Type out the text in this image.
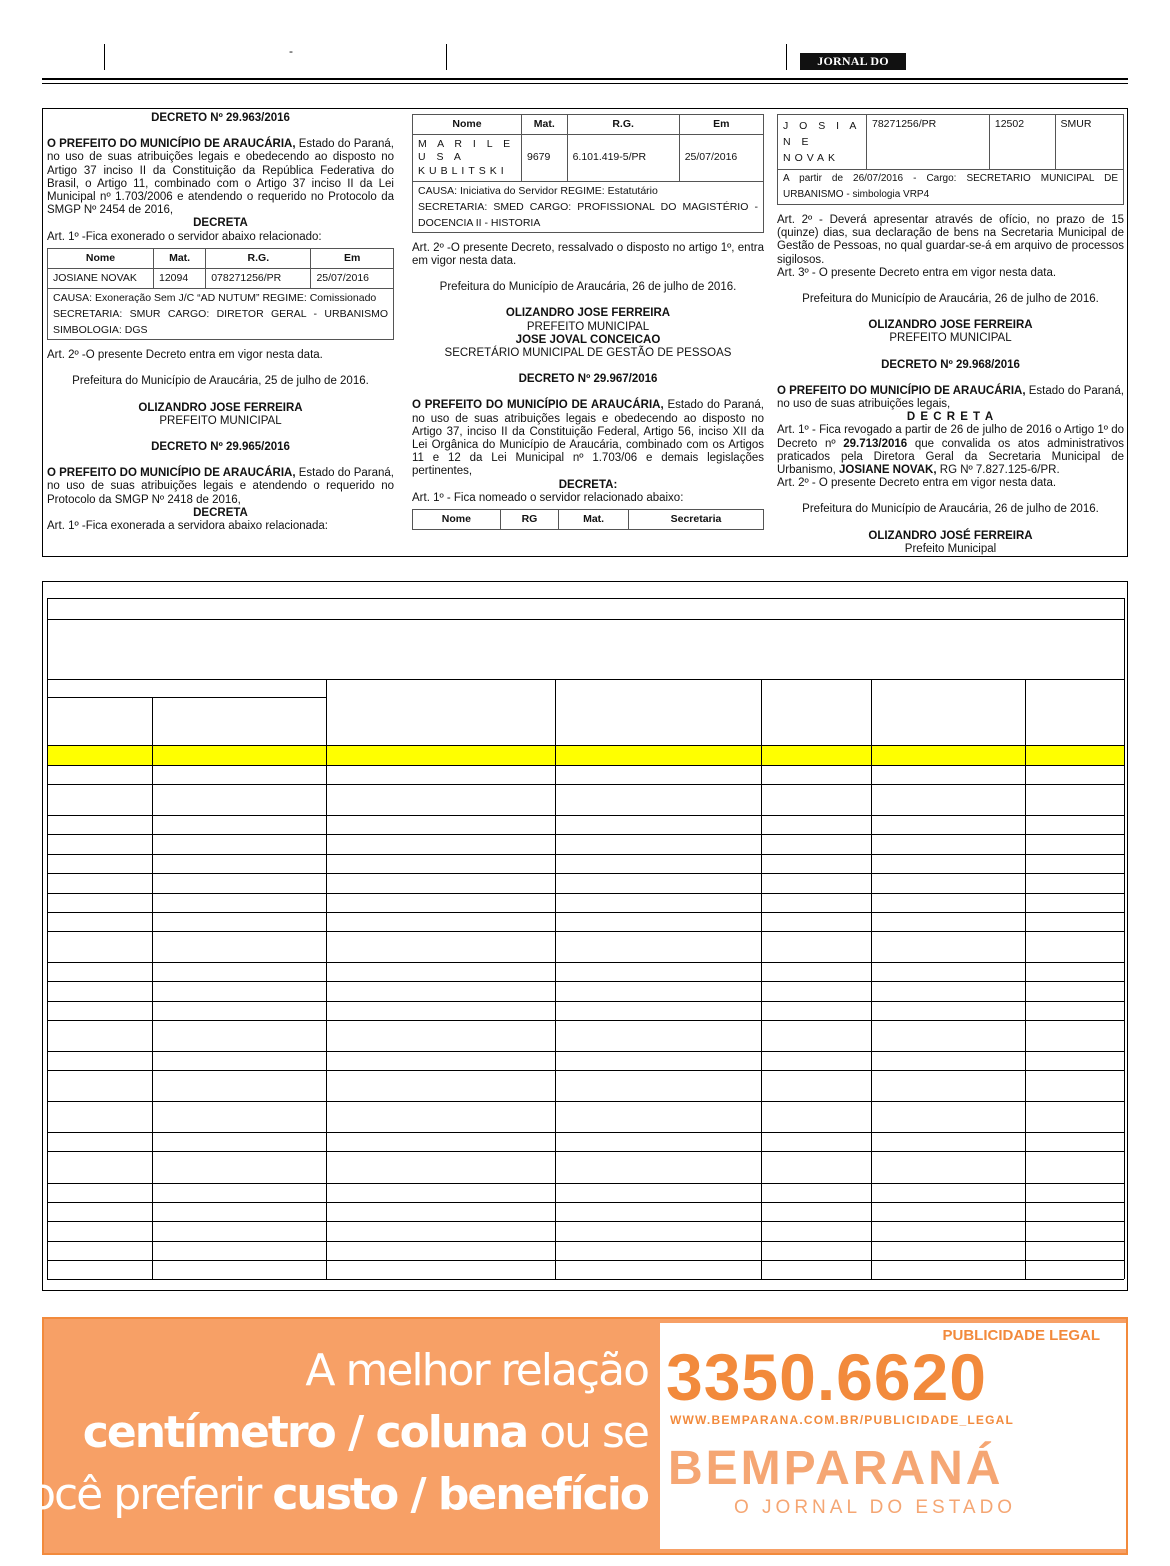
-
JORNAL DO

DECRETO Nº 29.963/2016

O PREFEITO DO MUNICÍPIO DE ARAUCÁRIA, Estado do Paraná, no uso de suas atribuições legais e obedecendo ao disposto no Artigo 37 inciso II da Constituição da República Federativa do Brasil, o Artigo 11, combinado com o Artigo 37 inciso II da Lei Municipal nº 1.703/2006 e atendendo o requerido no Protocolo da SMGP Nº 2454 de 2016,

DECRETA

Art. 1º -Fica exonerado o servidor abaixo relacionado:

Nome	Mat.	R.G.	Em
JOSIANE NOVAK	12094	078271256/PR	25/07/2016
CAUSA: Exoneração Sem J/C “AD NUTUM” REGIME: Comissionado
SECRETARIA: SMUR CARGO: DIRETOR GERAL - URBANISMO SIMBOLOGIA: DGS

Art. 2º -O presente Decreto entra em vigor nesta data.

Prefeitura do Município de Araucária, 25 de julho de 2016.

OLIZANDRO JOSE FERREIRA

PREFEITO MUNICIPAL

DECRETO Nº 29.965/2016

O PREFEITO DO MUNICÍPIO DE ARAUCÁRIA, Estado do Paraná, no uso de suas atribuições legais e atendendo o requerido no Protocolo da SMGP Nº 2418 de 2016,

DECRETA

Art. 1º -Fica exonerada a servidora abaixo relacionada:

Nome	Mat.	R.G.	Em
M A R I L E U S A KUBLITSKI	9679	6.101.419-5/PR	25/07/2016
CAUSA: Iniciativa do Servidor REGIME: Estatutário
SECRETARIA: SMED CARGO: PROFISSIONAL DO MAGISTÉRIO - DOCENCIA II - HISTORIA

Art. 2º -O presente Decreto, ressalvado o disposto no artigo 1º, entra em vigor nesta data.

Prefeitura do Município de Araucária, 26 de julho de 2016.

OLIZANDRO JOSE FERREIRA

PREFEITO MUNICIPAL

JOSE JOVAL CONCEICAO

SECRETÁRIO MUNICIPAL DE GESTÃO DE PESSOAS

DECRETO Nº 29.967/2016

O PREFEITO DO MUNICÍPIO DE ARAUCÁRIA, Estado do Paraná, no uso de suas atribuições legais e obedecendo ao disposto no Artigo 37, inciso II da Constituição Federal, Artigo 56, inciso XII da Lei Orgânica do Município de Araucária, combinado com os Artigos 11 e 12 da Lei Municipal nº 1.703/06 e demais legislações pertinentes,

DECRETA:

Art. 1º - Fica nomeado o servidor relacionado abaixo:

Nome	RG	Mat.	Secretaria
J O S I A N E NOVAK	78271256/PR	12502	SMUR
A partir de 26/07/2016 - Cargo: SECRETARIO MUNICIPAL DE URBANISMO - simbologia VRP4

Art. 2º - Deverá apresentar através de ofício, no prazo de 15 (quinze) dias, sua declaração de bens na Secretaria Municipal de Gestão de Pessoas, no qual guardar-se-á em arquivo de processos sigilosos.

Art. 3º - O presente Decreto entra em vigor nesta data.

Prefeitura do Município de Araucária, 26 de julho de 2016.

OLIZANDRO JOSE FERREIRA

PREFEITO MUNICIPAL

DECRETO Nº 29.968/2016

O PREFEITO DO MUNICÍPIO DE ARAUCÁRIA, Estado do Paraná, no uso de suas atribuições legais,

D E C R E T A

Art. 1º - Fica revogado a partir de 26 de julho de 2016 o Artigo 1º do Decreto nº 29.713/2016 que convalida os atos administrativos praticados pela Diretora Geral da Secretaria Municipal de Urbanismo, JOSIANE NOVAK, RG Nº 7.827.125-6/PR.

Art. 2º - O presente Decreto entra em vigor nesta data.

Prefeitura do Município de Araucária, 26 de julho de 2016.

OLIZANDRO JOSÉ FERREIRA

Prefeito Municipal

A melhor relação
centímetro / coluna ou se
você preferir custo / benefício
PUBLICIDADE LEGAL
3350.6620
WWW.BEMPARANA.COM.BR/PUBLICIDADE_LEGAL
BEMPARANÁ
O JORNAL DO ESTADO
